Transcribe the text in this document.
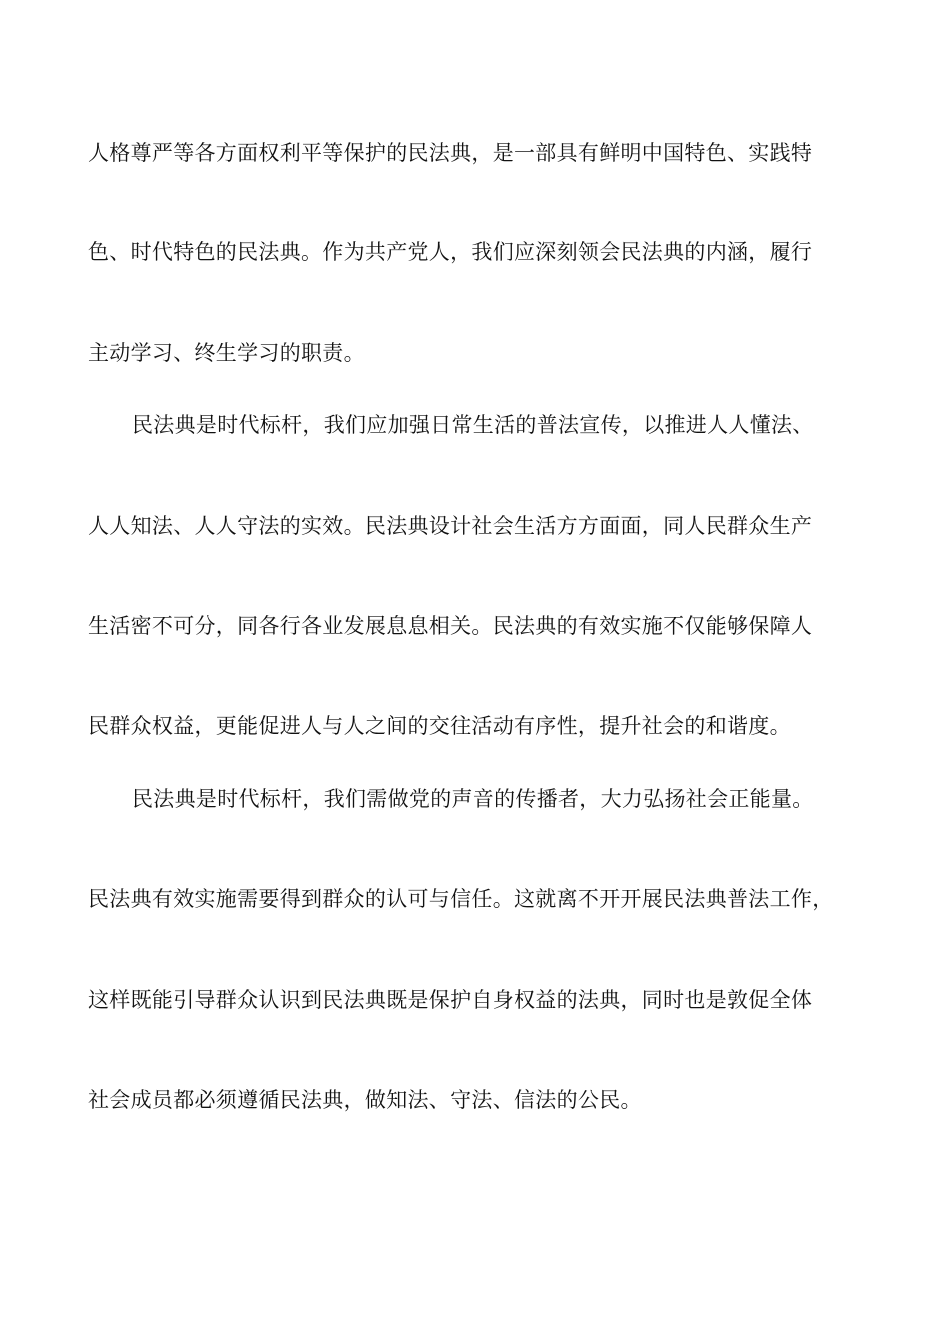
人格尊严等各方面权利平等保护的民法典，是一部具有鲜明中国特色、实践特
色、时代特色的民法典。作为共产党人，我们应深刻领会民法典的内涵，履行
主动学习、终生学习的职责。
民法典是时代标杆，我们应加强日常生活的普法宣传，以推进人人懂法、
人人知法、人人守法的实效。民法典设计社会生活方方面面，同人民群众生产
生活密不可分，同各行各业发展息息相关。民法典的有效实施不仅能够保障人
民群众权益，更能促进人与人之间的交往活动有序性，提升社会的和谐度。
民法典是时代标杆，我们需做党的声音的传播者，大力弘扬社会正能量。
民法典有效实施需要得到群众的认可与信任。这就离不开开展民法典普法工作，
这样既能引导群众认识到民法典既是保护自身权益的法典，同时也是敦促全体
社会成员都必须遵循民法典，做知法、守法、信法的公民。
